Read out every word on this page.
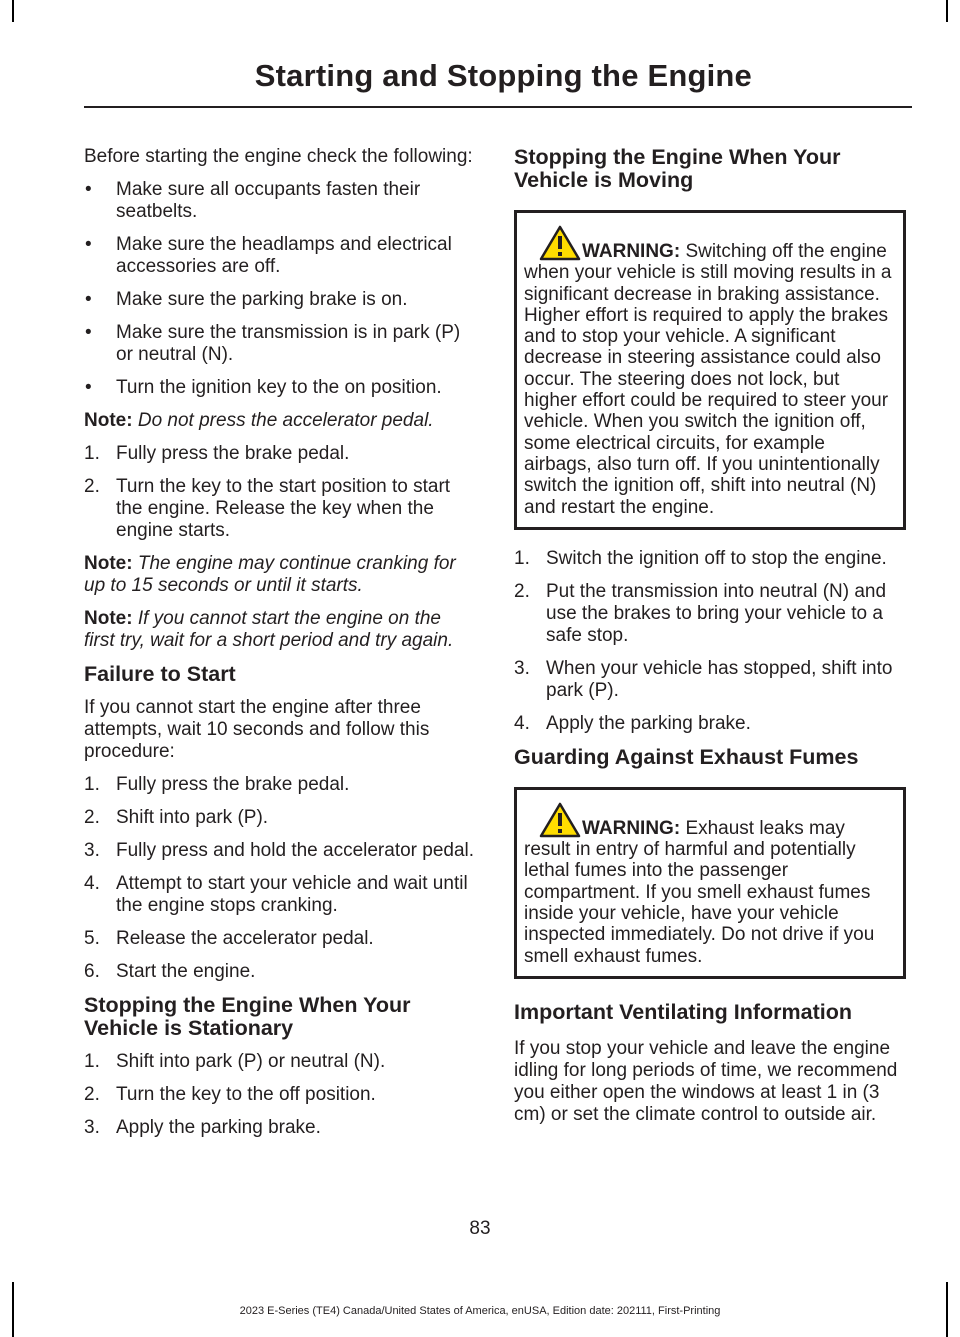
Starting and Stopping the Engine

Before starting the engine check the following:

• Make sure all occupants fasten their seatbelts.
• Make sure the headlamps and electrical accessories are off.
• Make sure the parking brake is on.
• Make sure the transmission is in park (P) or neutral (N).
• Turn the ignition key to the on position.

Note: Do not press the accelerator pedal.

1. Fully press the brake pedal.
2. Turn the key to the start position to start the engine. Release the key when the engine starts.

Note: The engine may continue cranking for up to 15 seconds or until it starts.

Note: If you cannot start the engine on the first try, wait for a short period and try again.

Failure to Start

If you cannot start the engine after three attempts, wait 10 seconds and follow this procedure:

1. Fully press the brake pedal.
2. Shift into park (P).
3. Fully press and hold the accelerator pedal.
4. Attempt to start your vehicle and wait until the engine stops cranking.
5. Release the accelerator pedal.
6. Start the engine.
Stopping the Engine When Your Vehicle is Stationary
1. Shift into park (P) or neutral (N).
2. Turn the key to the off position.
3. Apply the parking brake.
Stopping the Engine When Your Vehicle is Moving
WARNING: Switching off the engine when your vehicle is still moving results in a significant decrease in braking assistance. Higher effort is required to apply the brakes and to stop your vehicle. A significant decrease in steering assistance could also occur. The steering does not lock, but higher effort could be required to steer your vehicle. When you switch the ignition off, some electrical circuits, for example airbags, also turn off. If you unintentionally switch the ignition off, shift into neutral (N) and restart the engine.
1. Switch the ignition off to stop the engine.
2. Put the transmission into neutral (N) and use the brakes to bring your vehicle to a safe stop.
3. When your vehicle has stopped, shift into park (P).
4. Apply the parking brake.
Guarding Against Exhaust Fumes
WARNING: Exhaust leaks may result in entry of harmful and potentially lethal fumes into the passenger compartment. If you smell exhaust fumes inside your vehicle, have your vehicle inspected immediately. Do not drive if you smell exhaust fumes.
Important Ventilating Information

If you stop your vehicle and leave the engine idling for long periods of time, we recommend you either open the windows at least 1 in (3 cm) or set the climate control to outside air.

83
2023 E-Series (TE4) Canada/United States of America, enUSA, Edition date: 202111, First-Printing
